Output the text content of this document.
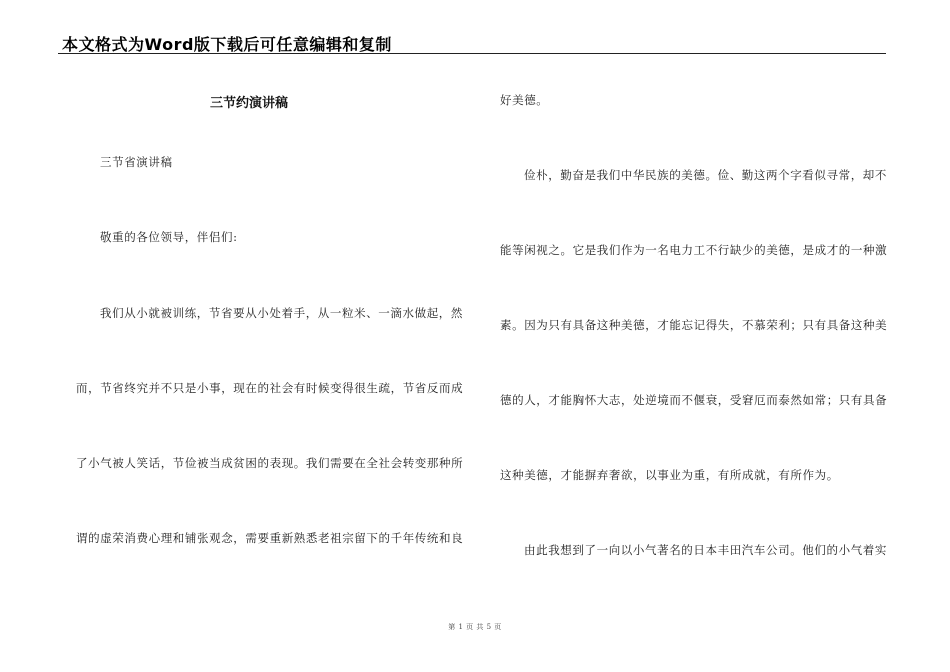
本文格式为Word版下载后可任意编辑和复制
三节约演讲稿
三节省演讲稿
敬重的各位领导，伴侣们:
我们从小就被训练，节省要从小处着手，从一粒米、一滴水做起，然
而，节省终究并不只是小事，现在的社会有时候变得很生疏，节省反而成
了小气被人笑话，节俭被当成贫困的表现。我们需要在全社会转变那种所
谓的虚荣消费心理和铺张观念，需要重新熟悉老祖宗留下的千年传统和良
好美德。
俭朴，勤奋是我们中华民族的美德。俭、勤这两个字看似寻常，却不
能等闲视之。它是我们作为一名电力工不行缺少的美德，是成才的一种激
素。因为只有具备这种美德，才能忘记得失，不慕荣利；只有具备这种美
德的人，才能胸怀大志，处逆境而不偃衰，受窘厄而泰然如常；只有具备
这种美德，才能摒弃奢欲，以事业为重，有所成就，有所作为。
由此我想到了一向以小气著名的日本丰田汽车公司。他们的小气着实
第 1 页 共 5 页
